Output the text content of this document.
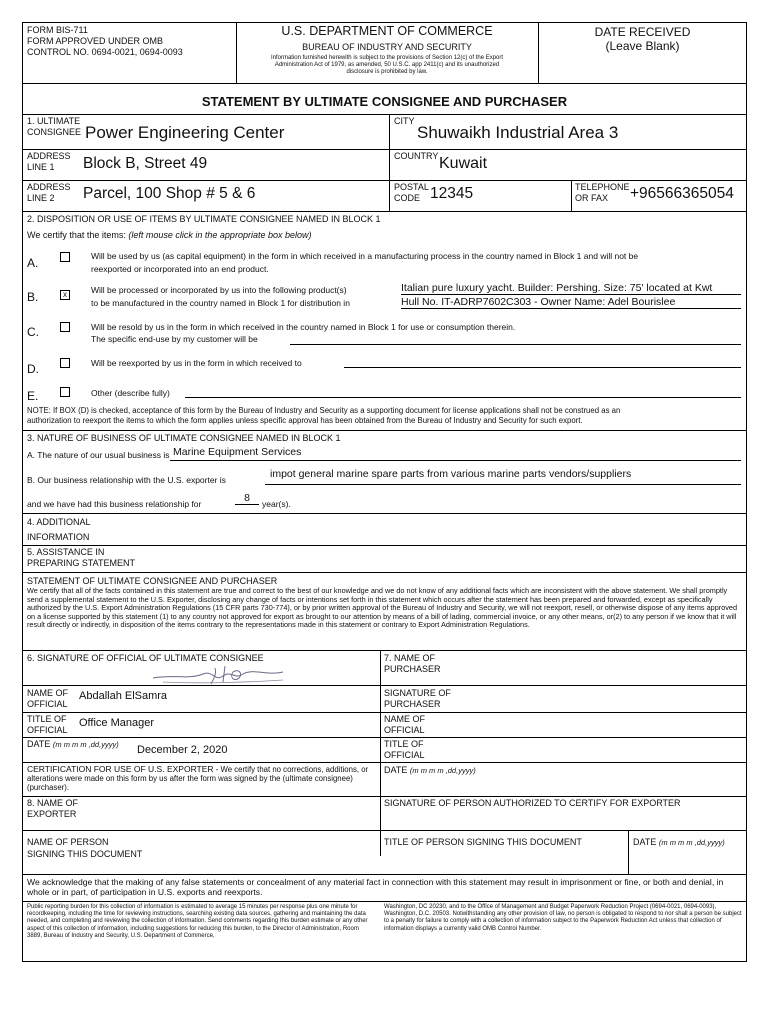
FORM BIS-711
FORM APPROVED UNDER OMB
CONTROL NO. 0694-0021, 0694-0093
U.S. DEPARTMENT OF COMMERCE
BUREAU OF INDUSTRY AND SECURITY
Information furnished herewith is subject to the provisions of Section 12(c) of the Export
Administration Act of 1979, as amended, 50 U.S.C. app 2411(c) and its unauthorized
disclosure is prohibited by law.
DATE RECEIVED
(Leave Blank)
STATEMENT BY ULTIMATE CONSIGNEE AND PURCHASER
1. ULTIMATE
CONSIGNEE Power Engineering Center
CITY
Shuwaikh Industrial Area 3
ADDRESS
LINE 1 Block B, Street 49	COUNTRY Kuwait
ADDRESS
LINE 2 Parcel, 100 Shop # 5 & 6	POSTAL
CODE 12345	TELEPHONE
OR FAX +96566365054
2. DISPOSITION OR USE OF ITEMS BY ULTIMATE CONSIGNEE NAMED IN BLOCK 1
We certify that the items: (left mouse click in the appropriate box below)
A.	Will be used by us (as capital equipment) in the form in which received in a manufacturing process in the country named in Block 1 and will not be
reexported or incorporated into an end product.
B.	x	Will be processed or incorporated by us into the following product(s)
to be manufactured in the country named in Block 1 for distribution in
Italian pure luxury yacht. Builder: Pershing. Size: 75' located at Kwt
Hull No. IT-ADRP7602C303 - Owner Name: Adel Bourislee
C.	Will be resold by us in the form in which received in the country named in Block 1 for use or consumption therein.
The specific end-use by my customer will be
D.	Will be reexported by us in the form in which received to
E.	Other (describe fully)
NOTE: If BOX (D) is checked, acceptance of this form by the Bureau of Industry and Security as a supporting document for license applications shall not be construed as an
authorization to reexport the items to which the form applies unless specific approval has been obtained from the Bureau of Industry and Security for such export.
3. NATURE OF BUSINESS OF ULTIMATE CONSIGNEE NAMED IN BLOCK 1
A. The nature of our usual business is Marine Equipment Services
B. Our business relationship with the U.S. exporter is	impot general marine spare parts from various marine parts vendors/suppliers
and we have had this business relationship for	8	year(s).
4. ADDITIONAL
INFORMATION
5. ASSISTANCE IN
PREPARING STATEMENT
STATEMENT OF ULTIMATE CONSIGNEE AND PURCHASER
We certify that all of the facts contained in this statement are true and correct to the best of our knowledge and we do not know of any additional facts which are inconsistent with the above statement. We shall promptly send a supplemental statement to the U.S. Exporter, disclosing any change of facts or intentions set forth in this statement which occurs after the statement has been prepared and forwarded, except as specifically authorized by the U.S. Export Administration Regulations (15 CFR parts 730-774), or by prior written approval of the Bureau of Industry and Security, we will not reexport, resell, or otherwise dispose of any items approved on a license supported by this statement (1) to any country not approved for export as brought to our attention by means of a bill of lading, commercial invoice, or any other means, or(2) to any person if we know that it will result directly or indirectly, in disposition of the items contrary to the representations made in this statement or contrary to Export Administration Regulations.
6. SIGNATURE OF OFFICIAL OF ULTIMATE CONSIGNEE	7. NAME OF
PURCHASER
NAME OF
OFFICIAL
Abdallah ElSamra	SIGNATURE OF
PURCHASER
TITLE OF
OFFICIAL
Office Manager	NAME OF
OFFICIAL
DATE (m m m m ,dd,yyyy) December 2, 2020	TITLE OF
OFFICIAL
CERTIFICATION FOR USE OF U.S. EXPORTER - We certify that no corrections, additions, or alterations were made on this form by us after the form was signed by the (ultimate consignee)(purchaser).
DATE (m m m m ,dd,yyyy)
8. NAME OF
EXPORTER
SIGNATURE OF PERSON AUTHORIZED TO CERTIFY FOR EXPORTER
NAME OF PERSON
SIGNING THIS DOCUMENT
TITLE OF PERSON SIGNING THIS DOCUMENT	DATE (m m m m ,dd,yyyy)
We acknowledge that the making of any false statements or concealment of any material fact in connection with this statement may result in imprisonment or fine, or both and denial, in whole or in part, of participation in U.S. exports and reexports.
Public reporting burden for this collection of information is estimated to average 15 minutes per response plus one minute for recordkeeping, including the time for reviewing instructions, searching existing data sources, gathering and maintaining the data needed, and completing and reviewing the collection of information. Send comments regarding this burden estimate or any other aspect of this collection of information, including suggestions for reducing this burden, to the Director of Administration, Room 3889, Bureau of Industry and Security, U.S. Department of Commerce,
Washington, DC 20230, and to the Office of Management and Budget Paperwork Reduction Project (0694-0021, 0694-0093), Washington, D.C. 20503. Notwithstanding any other provision of law, no person is obligated to respond to nor shall a person be subject to a penalty for failure to comply with a collection of information subject to the Paperwork Reduction Act unless that collection of information displays a currently valid OMB Control Number.
